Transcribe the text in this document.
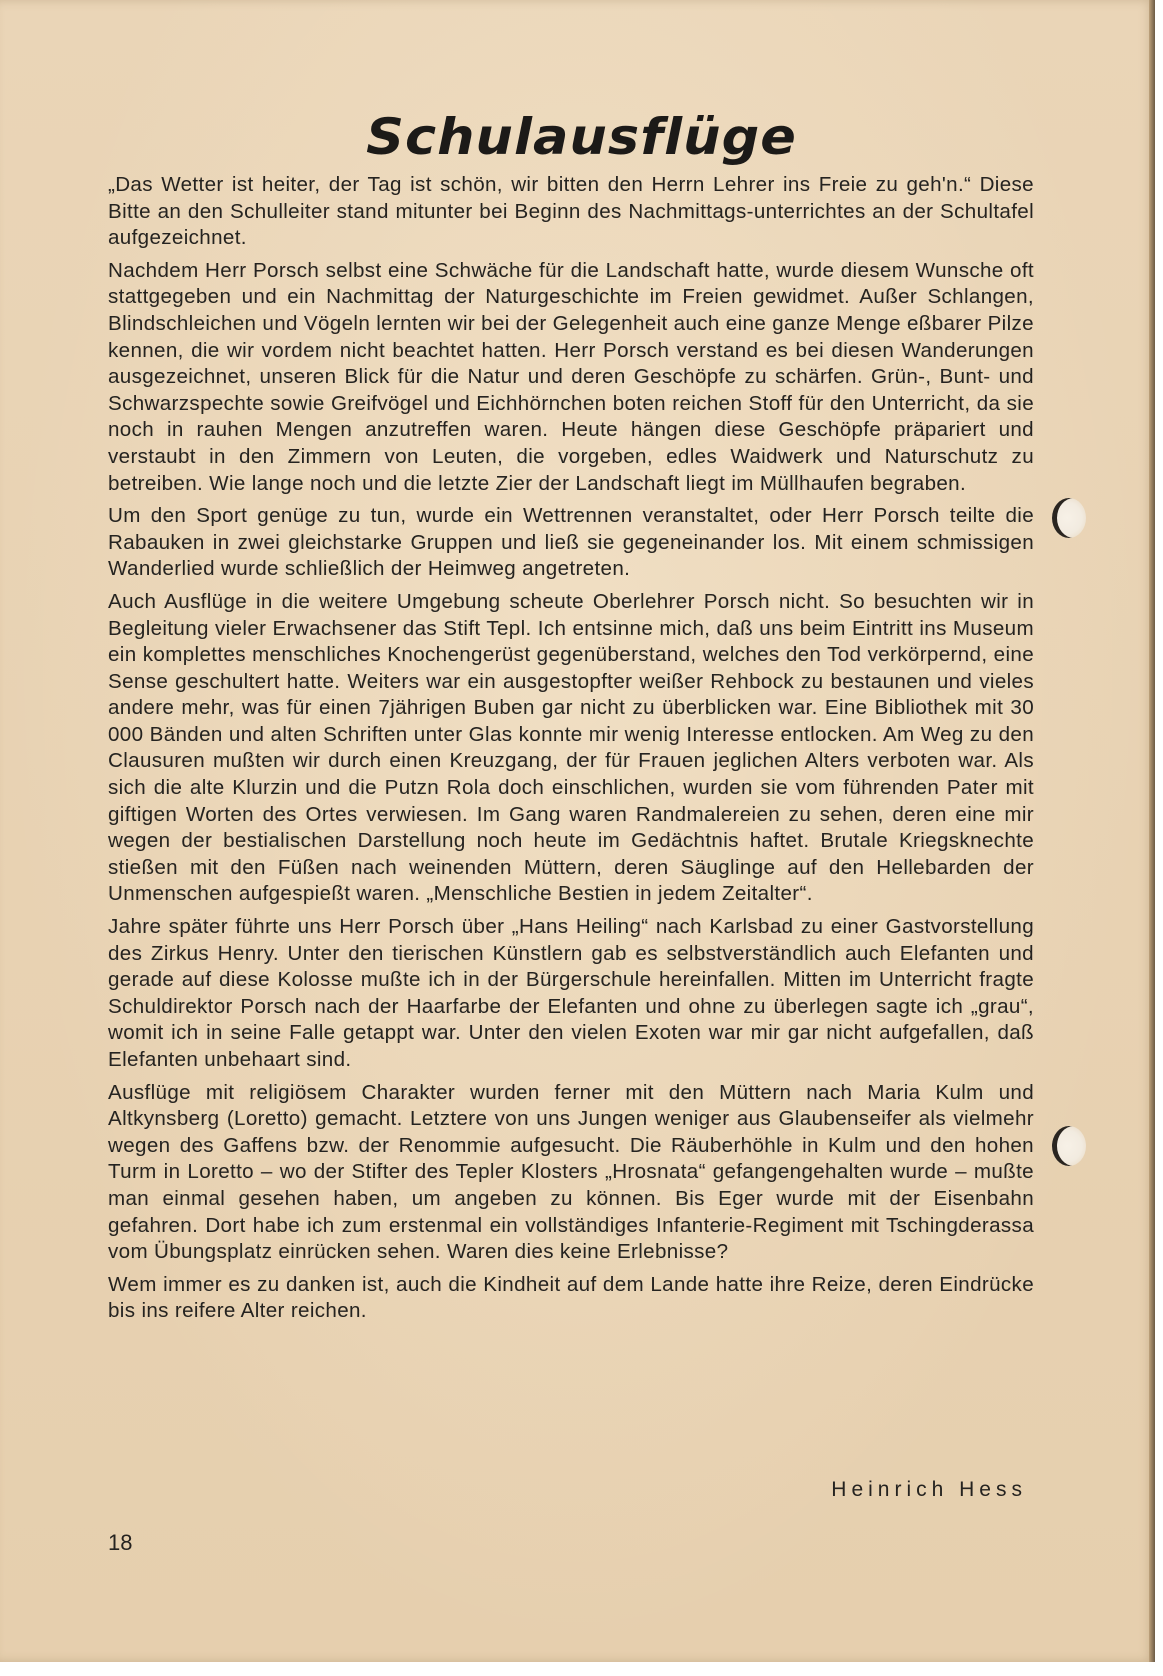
Schulausflüge

„Das Wetter ist heiter, der Tag ist schön, wir bitten den Herrn Lehrer ins Freie zu geh'n.“ Diese Bitte an den Schulleiter stand mitunter bei Beginn des Nachmittags-unterrichtes an der Schultafel aufgezeichnet.

Nachdem Herr Porsch selbst eine Schwäche für die Landschaft hatte, wurde diesem Wunsche oft stattgegeben und ein Nachmittag der Naturgeschichte im Freien gewidmet. Außer Schlangen, Blindschleichen und Vögeln lernten wir bei der Gelegenheit auch eine ganze Menge eßbarer Pilze kennen, die wir vordem nicht beachtet hatten. Herr Porsch verstand es bei diesen Wanderungen ausgezeichnet, unseren Blick für die Natur und deren Geschöpfe zu schärfen. Grün-, Bunt- und Schwarzspechte sowie Greifvögel und Eichhörnchen boten reichen Stoff für den Unterricht, da sie noch in rauhen Mengen anzutreffen waren. Heute hängen diese Geschöpfe präpariert und verstaubt in den Zimmern von Leuten, die vorgeben, edles Waidwerk und Naturschutz zu betreiben. Wie lange noch und die letzte Zier der Landschaft liegt im Müllhaufen begraben.

Um den Sport genüge zu tun, wurde ein Wettrennen veranstaltet, oder Herr Porsch teilte die Rabauken in zwei gleichstarke Gruppen und ließ sie gegeneinander los. Mit einem schmissigen Wanderlied wurde schließlich der Heimweg angetreten.

Auch Ausflüge in die weitere Umgebung scheute Oberlehrer Porsch nicht. So besuchten wir in Begleitung vieler Erwachsener das Stift Tepl. Ich entsinne mich, daß uns beim Eintritt ins Museum ein komplettes menschliches Knochengerüst gegenüberstand, welches den Tod verkörpernd, eine Sense geschultert hatte. Weiters war ein ausgestopfter weißer Rehbock zu bestaunen und vieles andere mehr, was für einen 7jährigen Buben gar nicht zu überblicken war. Eine Bibliothek mit 30 000 Bänden und alten Schriften unter Glas konnte mir wenig Interesse entlocken. Am Weg zu den Clausuren mußten wir durch einen Kreuzgang, der für Frauen jeglichen Alters verboten war. Als sich die alte Klurzin und die Putzn Rola doch einschlichen, wurden sie vom führenden Pater mit giftigen Worten des Ortes verwiesen. Im Gang waren Randmalereien zu sehen, deren eine mir wegen der bestialischen Darstellung noch heute im Gedächtnis haftet. Brutale Kriegsknechte stießen mit den Füßen nach weinenden Müttern, deren Säuglinge auf den Hellebarden der Unmenschen aufgespießt waren. „Menschliche Bestien in jedem Zeitalter“.

Jahre später führte uns Herr Porsch über „Hans Heiling“ nach Karlsbad zu einer Gastvorstellung des Zirkus Henry. Unter den tierischen Künstlern gab es selbstverständlich auch Elefanten und gerade auf diese Kolosse mußte ich in der Bürgerschule hereinfallen. Mitten im Unterricht fragte Schuldirektor Porsch nach der Haarfarbe der Elefanten und ohne zu überlegen sagte ich „grau“, womit ich in seine Falle getappt war. Unter den vielen Exoten war mir gar nicht aufgefallen, daß Elefanten unbehaart sind.

Ausflüge mit religiösem Charakter wurden ferner mit den Müttern nach Maria Kulm und Altkynsberg (Loretto) gemacht. Letztere von uns Jungen weniger aus Glaubenseifer als vielmehr wegen des Gaffens bzw. der Renommie aufgesucht. Die Räuberhöhle in Kulm und den hohen Turm in Loretto – wo der Stifter des Tepler Klosters „Hrosnata“ gefangengehalten wurde – mußte man einmal gesehen haben, um angeben zu können. Bis Eger wurde mit der Eisenbahn gefahren. Dort habe ich zum erstenmal ein vollständiges Infanterie-Regiment mit Tschingderassa vom Übungsplatz einrücken sehen. Waren dies keine Erlebnisse?

Wem immer es zu danken ist, auch die Kindheit auf dem Lande hatte ihre Reize, deren Eindrücke bis ins reifere Alter reichen.

Heinrich Hess
18
